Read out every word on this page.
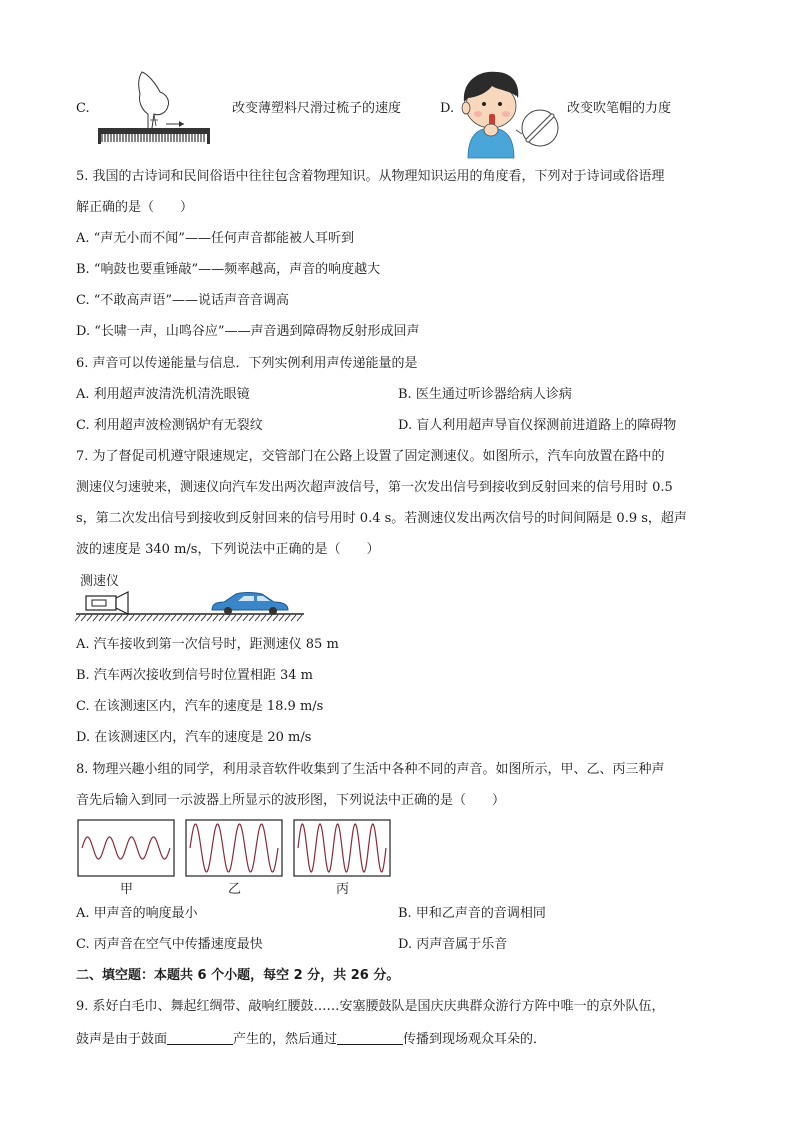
C.	改变薄塑料尺滑过梳子的速度	D.	改变吹笔帽的力度
5. 我国的古诗词和民间俗语中往往包含着物理知识。从物理知识运用的角度看，下列对于诗词或俗语理
解正确的是（　　）
A. “声无小而不闻”——任何声音都能被人耳听到
B. “响鼓也要重锤敲”——频率越高，声音的响度越大
C. “不敢高声语”——说话声音音调高
D. “长啸一声，山鸣谷应”——声音遇到障碍物反射形成回声
6. 声音可以传递能量与信息．下列实例利用声传递能量的是
A. 利用超声波清洗机清洗眼镜	B. 医生通过听诊器给病人诊病
C. 利用超声波检测锅炉有无裂纹	D. 盲人利用超声导盲仪探测前进道路上的障碍物
7. 为了督促司机遵守限速规定，交管部门在公路上设置了固定测速仪。如图所示，汽车向放置在路中的
测速仪匀速驶来，测速仪向汽车发出两次超声波信号，第一次发出信号到接收到反射回来的信号用时 0.5
s，第二次发出信号到接收到反射回来的信号用时 0.4 s。若测速仪发出两次信号的时间间隔是 0.9 s，超声
波的速度是 340 m/s，下列说法中正确的是（　　）
测速仪
A. 汽车接收到第一次信号时，距测速仪 85 m
B. 汽车两次接收到信号时位置相距 34 m
C. 在该测速区内，汽车的速度是 18.9 m/s
D. 在该测速区内，汽车的速度是 20 m/s
8. 物理兴趣小组的同学，利用录音软件收集到了生活中各种不同的声音。如图所示，甲、乙、丙三种声
音先后输入到同一示波器上所显示的波形图，下列说法中正确的是（　　）
甲	乙	丙
A. 甲声音的响度最小	B. 甲和乙声音的音调相同
C. 丙声音在空气中传播速度最快	D. 丙声音属于乐音
二、填空题：本题共 6 个小题，每空 2 分，共 26 分。
9. 系好白毛巾、舞起红绸带、敲响红腰鼓……安塞腰鼓队是国庆庆典群众游行方阵中唯一的京外队伍，
鼓声是由于鼓面	产生的，然后通过	传播到现场观众耳朵的．
